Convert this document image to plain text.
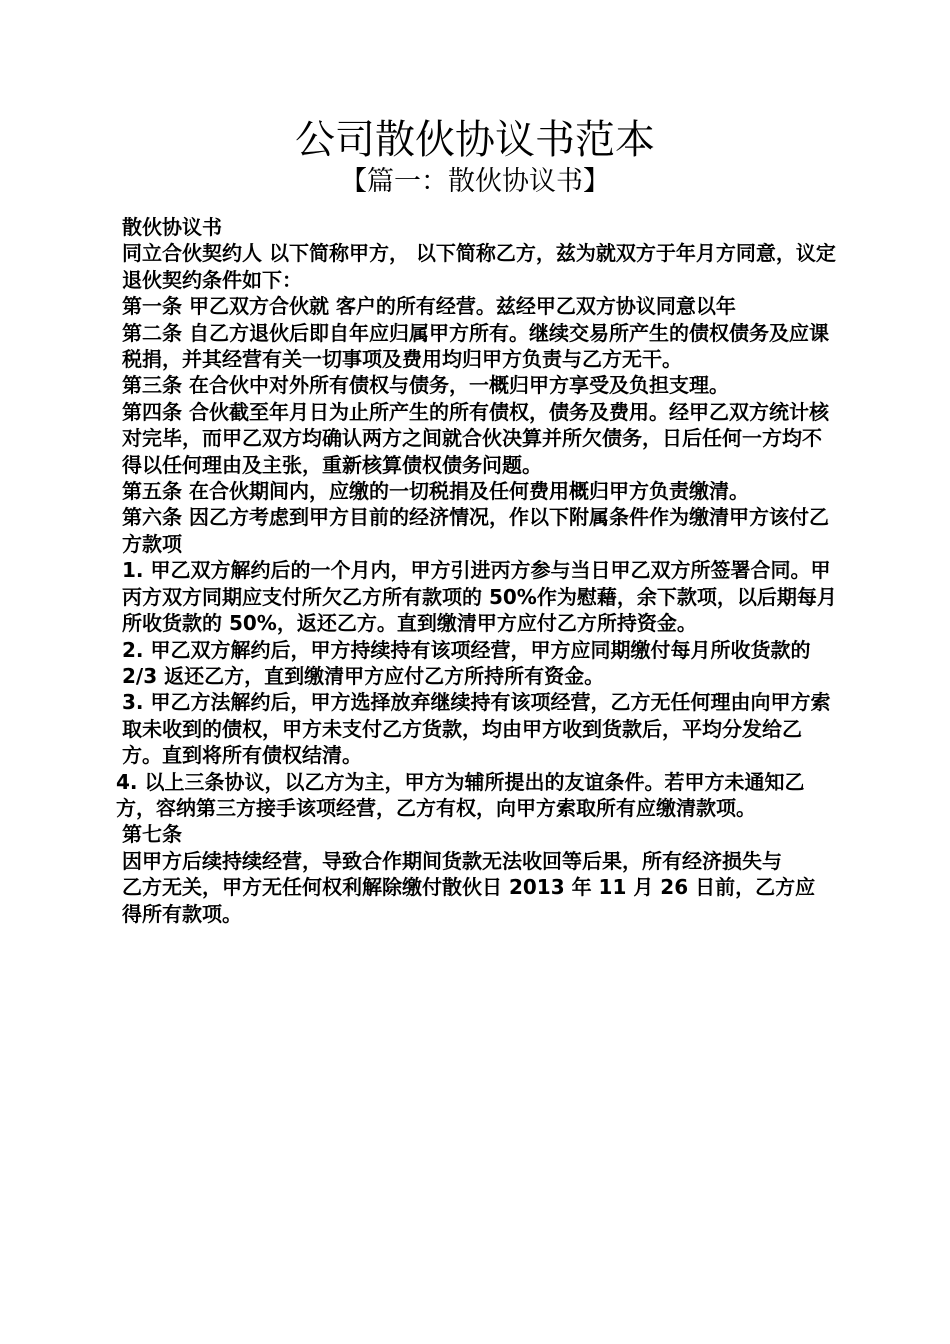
公司散伙协议书范本
【篇一：散伙协议书】

散伙协议书

同立合伙契约人 以下简称甲方， 以下简称乙方，兹为就双方于年月方同意，议定退伙契约条件如下：

第一条 甲乙双方合伙就 客户的所有经营。兹经甲乙双方协议同意以年

第二条 自乙方退伙后即自年应归属甲方所有。继续交易所产生的债权债务及应课税捐，并其经营有关一切事项及费用均归甲方负责与乙方无干。

第三条 在合伙中对外所有债权与债务，一概归甲方享受及负担支理。

第四条 合伙截至年月日为止所产生的所有债权，债务及费用。经甲乙双方统计核对完毕，而甲乙双方均确认两方之间就合伙决算并所欠债务，日后任何一方均不得以任何理由及主张，重新核算债权债务问题。

第五条 在合伙期间内，应缴的一切税捐及任何费用概归甲方负责缴清。

第六条 因乙方考虑到甲方目前的经济情况，作以下附属条件作为缴清甲方该付乙

方款项

1. 甲乙双方解约后的一个月内，甲方引进丙方参与当日甲乙双方所签署合同。甲丙方双方同期应支付所欠乙方所有款项的 50%作为慰藉，余下款项，以后期每月所收货款的 50%，返还乙方。直到缴清甲方应付乙方所持资金。

2. 甲乙双方解约后，甲方持续持有该项经营，甲方应同期缴付每月所收货款的 2/3 返还乙方，直到缴清甲方应付乙方所持所有资金。

3. 甲乙方法解约后，甲方选择放弃继续持有该项经营，乙方无任何理由向甲方索取未收到的债权，甲方未支付乙方货款，均由甲方收到货款后，平均分发给乙方。直到将所有债权结清。

4. 以上三条协议，以乙方为主，甲方为辅所提出的友谊条件。若甲方未通知乙方，容纳第三方接手该项经营，乙方有权，向甲方索取所有应缴清款项。

第七条

因甲方后续持续经营，导致合作期间货款无法收回等后果，所有经济损失与

乙方无关，甲方无任何权利解除缴付散伙日 2013 年 11 月 26 日前，乙方应

得所有款项。
